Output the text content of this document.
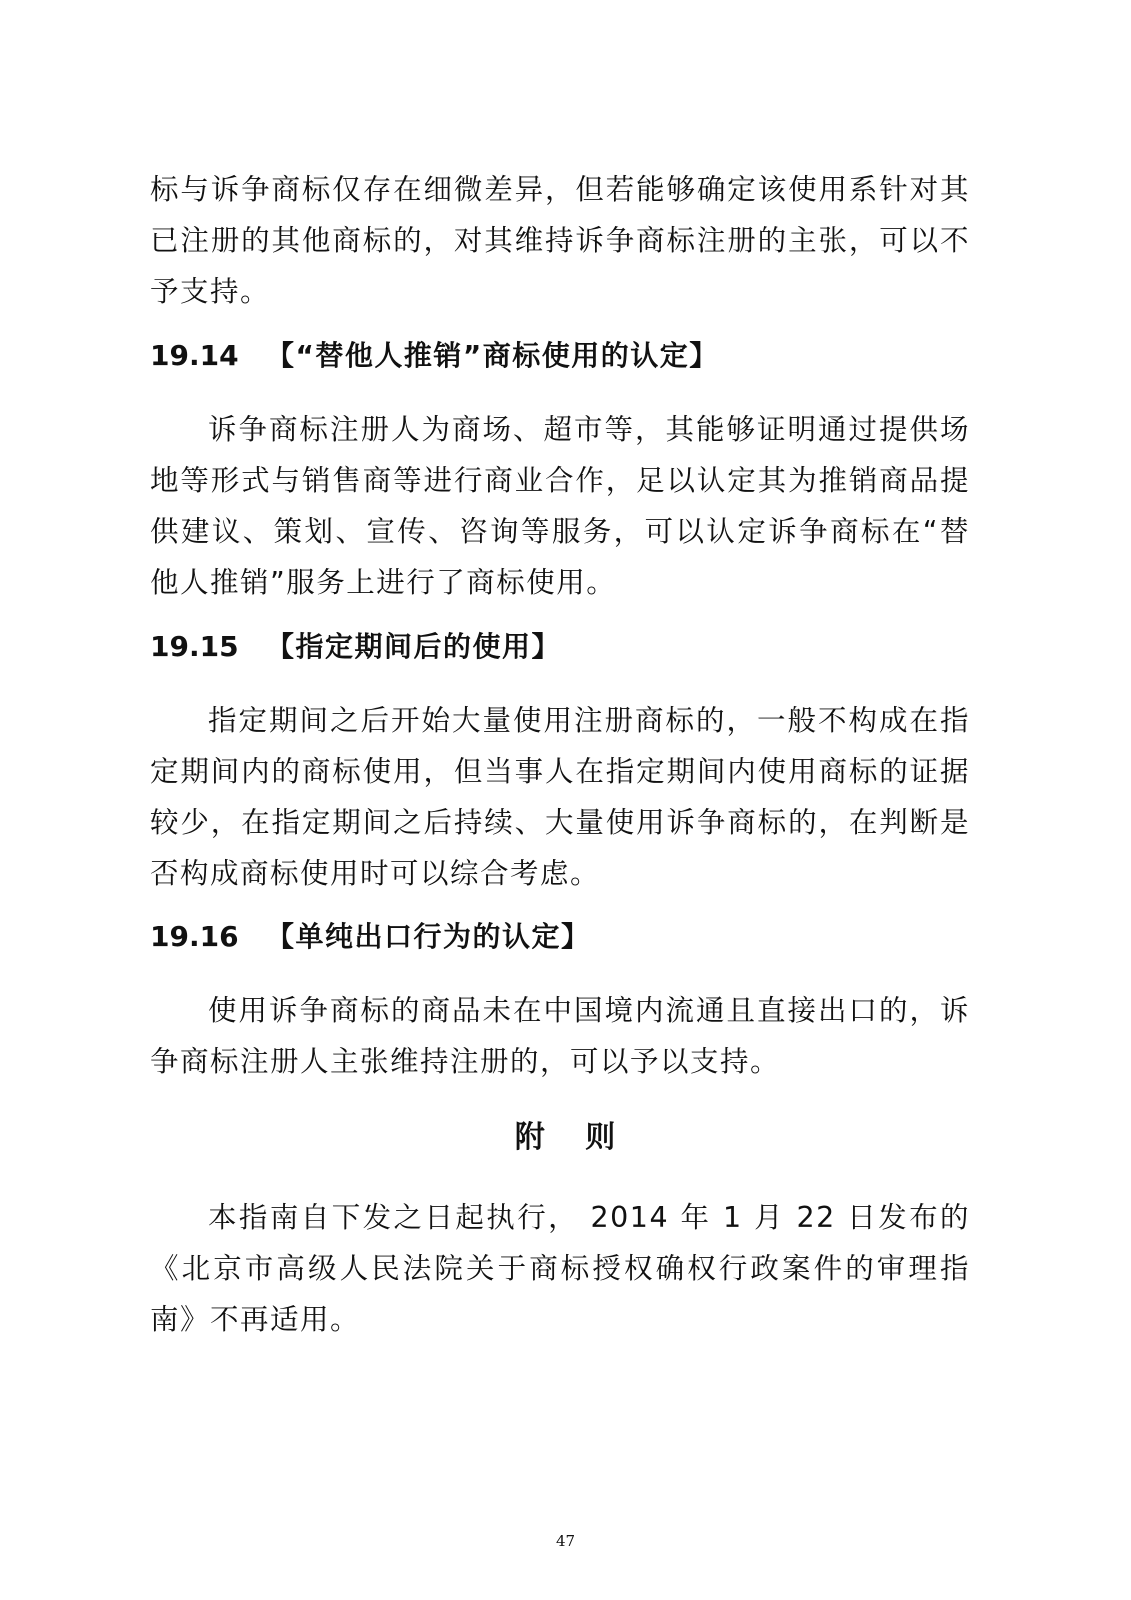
标与诉争商标仅存在细微差异，但若能够确定该使用系针对其已注册的其他商标的，对其维持诉争商标注册的主张，可以不予支持。

19.14 【“替他人推销”商标使用的认定】

诉争商标注册人为商场、超市等，其能够证明通过提供场地等形式与销售商等进行商业合作，足以认定其为推销商品提供建议、策划、宣传、咨询等服务，可以认定诉争商标在“替他人推销”服务上进行了商标使用。

19.15 【指定期间后的使用】

指定期间之后开始大量使用注册商标的，一般不构成在指定期间内的商标使用，但当事人在指定期间内使用商标的证据较少，在指定期间之后持续、大量使用诉争商标的，在判断是否构成商标使用时可以综合考虑。

19.16 【单纯出口行为的认定】

使用诉争商标的商品未在中国境内流通且直接出口的，诉争商标注册人主张维持注册的，可以予以支持。

附 则

本指南自下发之日起执行， 2014 年 1 月 22 日发布的《北京市高级人民法院关于商标授权确权行政案件的审理指南》不再适用。

47
